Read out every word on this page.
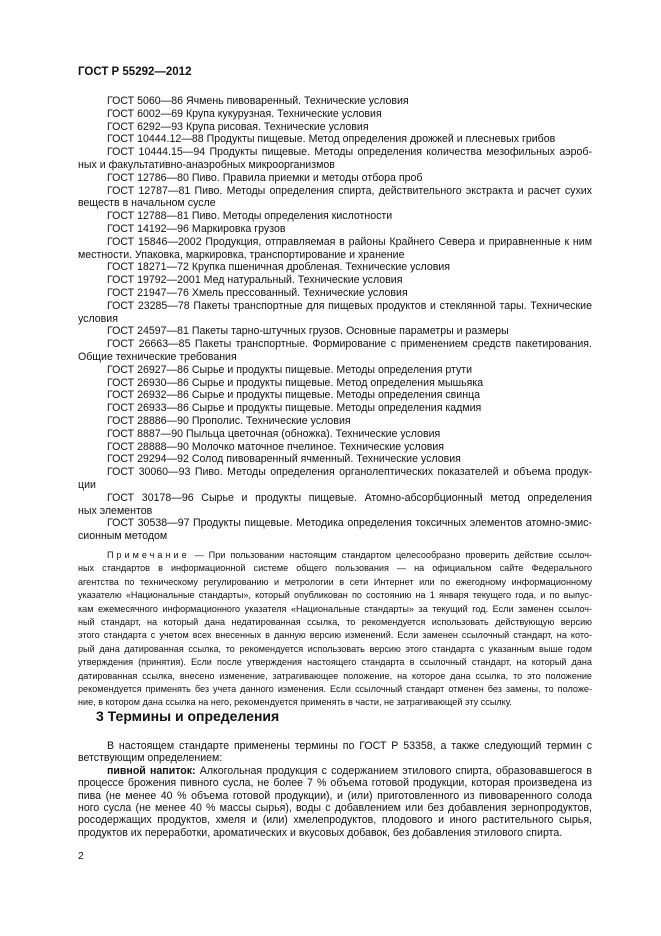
ГОСТ Р 55292—2012
ГОСТ 5060—86 Ячмень пивоваренный. Технические условия
ГОСТ 6002—69 Крупа кукурузная. Технические условия
ГОСТ 6292—93 Крупа рисовая. Технические условия
ГОСТ 10444.12—88 Продукты пищевые. Метод определения дрожжей и плесневых грибов
ГОСТ 10444.15—94 Продукты пищевые. Методы определения количества мезофильных аэроб-
ных и факультативно-анаэробных микроорганизмов
ГОСТ 12786—80 Пиво. Правила приемки и методы отбора проб
ГОСТ 12787—81 Пиво. Методы определения спирта, действительного экстракта и расчет сухих
веществ в начальном сусле
ГОСТ 12788—81 Пиво. Методы определения кислотности
ГОСТ 14192—96 Маркировка грузов
ГОСТ 15846—2002 Продукция, отправляемая в районы Крайнего Севера и приравненные к ним
местности. Упаковка, маркировка, транспортирование и хранение
ГОСТ 18271—72 Крупка пшеничная дробленая. Технические условия
ГОСТ 19792—2001 Мед натуральный. Технические условия
ГОСТ 21947—76 Хмель прессованный. Технические условия
ГОСТ 23285—78 Пакеты транспортные для пищевых продуктов и стеклянной тары. Технические
условия
ГОСТ 24597—81 Пакеты тарно-штучных грузов. Основные параметры и размеры
ГОСТ 26663—85 Пакеты транспортные. Формирование с применением средств пакетирования.
Общие технические требования
ГОСТ 26927—86 Сырье и продукты пищевые. Методы определения ртути
ГОСТ 26930—86 Сырье и продукты пищевые. Метод определения мышьяка
ГОСТ 26932—86 Сырье и продукты пищевые. Методы определения свинца
ГОСТ 26933—86 Сырье и продукты пищевые. Методы определения кадмия
ГОСТ 28886—90 Прополис. Технические условия
ГОСТ 8887—90 Пыльца цветочная (обножка). Технические условия
ГОСТ 28888—90 Молочко маточное пчелиное. Технические условия
ГОСТ 29294—92 Солод пивоваренный ячменный. Технические условия
ГОСТ 30060—93 Пиво. Методы определения органолептических показателей и объема продук-
ции
ГОСТ 30178—96 Сырье и продукты пищевые. Атомно-абсорбционный метод определения
ных элементов
ГОСТ 30538—97 Продукты пищевые. Методика определения токсичных элементов атомно-эмис-
сионным методом
Примечание — При пользовании настоящим стандартом целесообразно проверить действие ссылоч-
ных стандартов в информационной системе общего пользования — на официальном сайте Федерального
агентства по техническому регулированию и метрологии в сети Интернет или по ежегодному информационному
указателю «Национальные стандарты», который опубликован по состоянию на 1 января текущего года, и по выпус-
кам ежемесячного информационного указателя «Национальные стандарты» за текущий год. Если заменен ссылоч-
ный стандарт, на который дана недатированная ссылка, то рекомендуется использовать действующую версию
этого стандарта с учетом всех внесенных в данную версию изменений. Если заменен ссылочный стандарт, на кото-
рый дана датированная ссылка, то рекомендуется использовать версию этого стандарта с указанным выше годом
утверждения (принятия). Если после утверждения настоящего стандарта в ссылочный стандарт, на который дана
датированная ссылка, внесено изменение, затрагивающее положение, на которое дана ссылка, то это положение
рекомендуется применять без учета данного изменения. Если ссылочный стандарт отменен без замены, то положе-
ние, в котором дана ссылка на него, рекомендуется применять в части, не затрагивающей эту ссылку.
3 Термины и определения
В настоящем стандарте применены термины по ГОСТ Р 53358, а также следующий термин с
ветствующим определением:
пивной напиток: Алкогольная продукция с содержанием этилового спирта, образовавшегося в
процессе брожения пивного сусла, не более 7 % объема готовой продукции, которая произведена из
пива (не менее 40 % объема готовой продукции), и (или) приготовленного из пивоваренного солода
ного сусла (не менее 40 % массы сырья), воды с добавлением или без добавления зернопродуктов,
росодержащих продуктов, хмеля и (или) хмелепродуктов, плодового и иного растительного сырья,
продуктов их переработки, ароматических и вкусовых добавок, без добавления этилового спирта.
2
